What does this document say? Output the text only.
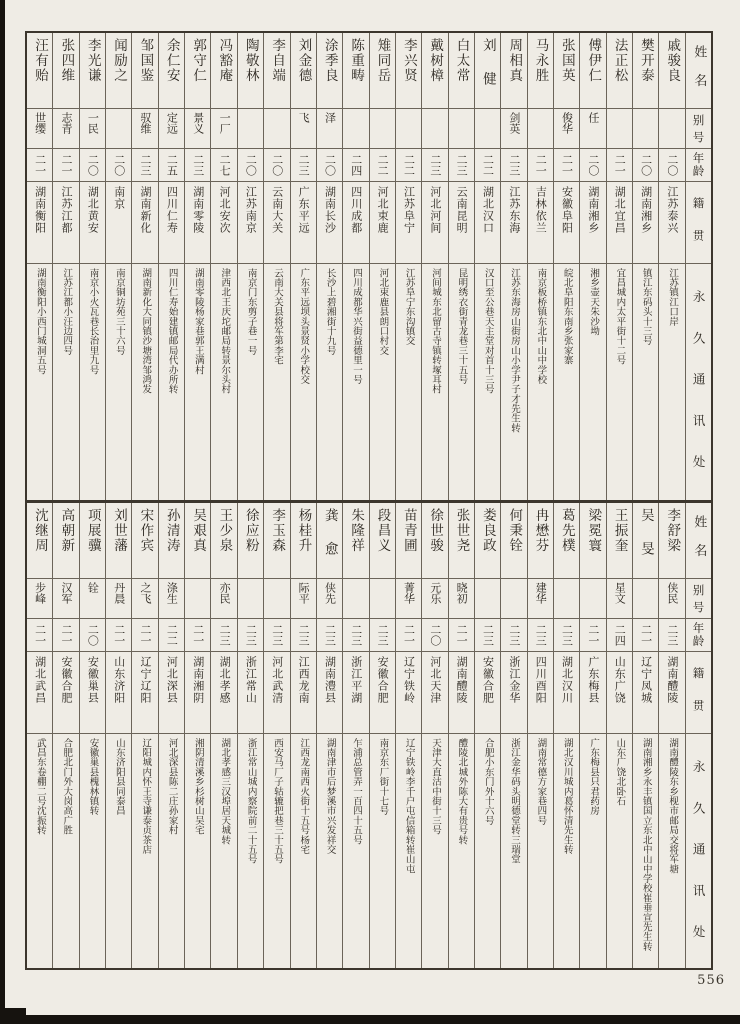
姓名
别号
年龄
籍贯
永久通讯处
戚骏良
二〇
江苏泰兴
江苏镇江口岸
樊开泰
二〇
湖南湘乡
镇江东码头十三号
法正松
二一
湖北宜昌
宜昌城内太平街十二号
傅伊仁
任
二〇
湖南湘乡
湘乡壶天朱沙坳
张国英
俊华
二一
安徽阜阳
皖北阜阳东南乡张家寨
马永胜
二一
吉林依兰
南京板桥镇东北中山中学校
周相真
剑英
二三
江苏东海
江苏东海房山街房山小学尹子才先生转
刘健
二二
湖北汉口
汉口至公巷天主堂对首十三号
白太常
二三
云南昆明
昆明绣衣街青龙巷三十五号
戴树樟
二三
河北河间
河间城东北留古寺镇转塚耳村
李兴贤
二二
江苏阜宁
江苏阜宁东沟镇交
雉同岳
二二
河北束鹿
河北束鹿县朗口村交
陈重畴
二四
四川成都
四川成都华兴街益德里一号
涂季良
泽
二〇
湖南长沙
长沙上碧湘街十九号
刘金德
飞
二三
广东平远
广东平远坝头景贤小学校交
李自端
二〇
云南大关
云南大关县将军第李宅
陶敬林
二〇
江苏南京
南京门东剪子巷一号
冯豁庵
一厂
二七
河北安次
津西北王庆坨邮局转景尔头村
郭守仁
景义
二三
湖南零陵
湖南零陵杨家巷郭王满村
余仁安
定远
二五
四川仁寿
四川仁寿始建镇邮局代办所转
邹国鉴
驭维
二三
湖南新化
湖南新化大同镇沙塘湾邹鸿发
闻励之
二〇
南京
南京铜坊苑三十六号
李光谦
一民
二〇
湖北黄安
南京小火瓦巷长治里九号
张四维
志青
二一
江苏江都
江苏江都小汪边四号
汪有贻
世缨
二一
湖南衡阳
湖南衡阳小西门城洞五号
姓名
别号
年龄
籍贯
永久通讯处
李舒梁
侠民
二三
湖南醴陵
湖南醴陵东乡枧市邮局交将军塘
吴旻
二一
辽宁凤城
湖南湘乡永丰镇国立东北中山中学校崔垂宣先生转
王振奎
星文
二四
山东广饶
山东广饶北卧石
梁冕寰
二一
广东梅县
广东梅县只君药房
葛先樸
二三
湖北汉川
湖北汉川城内葛怀清先生转
冉懋芬
建华
二三
四川酉阳
湖南常德方家巷四号
何秉铨
二三
浙江金华
浙江金华码头明德堂转三瑞堂
娄良政
二三
安徽合肥
合肥小东门外十六号
张世尧
晓初
二一
湖南醴陵
醴陵北城外陈大有贵号转
徐世骏
元乐
二〇
河北天津
天津大直沽中街十三号
苗青圃
菁华
二一
辽宁铁岭
辽宁铁岭李千户屯信箱转崔山屯
段昌义
二三
安徽合肥
南京东厂街十七号
朱隆祥
二三
浙江平湖
乍浦总管弄一百四十五号
龚愈
侠先
二三
湖南澧县
湖南津市后梦溪市兴发祥交
杨桂升
际平
二三
江西龙南
江西龙南西火街十五号杨宅
李玉森
二三
河北武清
西安马厂子轱辘把巷三十五号
徐应粉
二三
浙江常山
浙江常山城内察院前二十五号
王少泉
亦民
二三
湖北孝感
湖北孝感三汉埠居天城转
吴艰真
二一
湖南湘阴
湘阴清溪乡杉树山吴宅
孙清涛
涤生
二二
河北深县
河北深县陈二庄孙家村
宋作宾
之飞
二一
辽宁辽阳
辽阳城内怀王寺谦泰贞茶店
刘世藩
丹晨
二一
山东济阳
山东济阳县同泰昌
项展骥
铨
二〇
安徽巢县
安徽巢县槐林镇转
高朝新
汉军
二一
安徽合肥
合肥北门外大岗高广胜
沈继周
步峰
二一
湖北武昌
武昌东卷棚二号沈振转
556
